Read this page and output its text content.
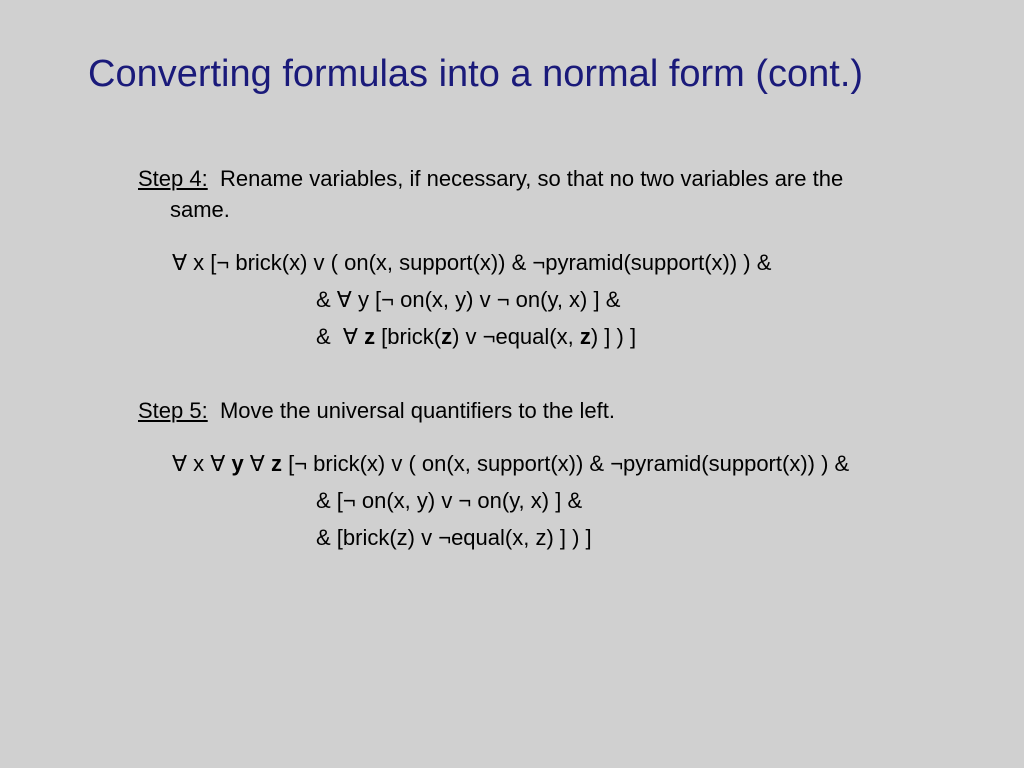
Converting formulas into a normal form (cont.)
Step 4: Rename variables, if necessary, so that no two variables are the
same.
∀ x [¬ brick(x) v ( on(x, support(x)) & ¬pyramid(support(x)) ) &
& ∀ y [¬ on(x, y) v ¬ on(y, x) ] &
&  ∀ z [brick(z) v ¬equal(x, z) ] ) ]
Step 5: Move the universal quantifiers to the left.
∀ x ∀ y ∀ z [¬ brick(x) v ( on(x, support(x)) & ¬pyramid(support(x)) ) &
& [¬ on(x, y) v ¬ on(y, x) ] &
& [brick(z) v ¬equal(x, z) ] ) ]
